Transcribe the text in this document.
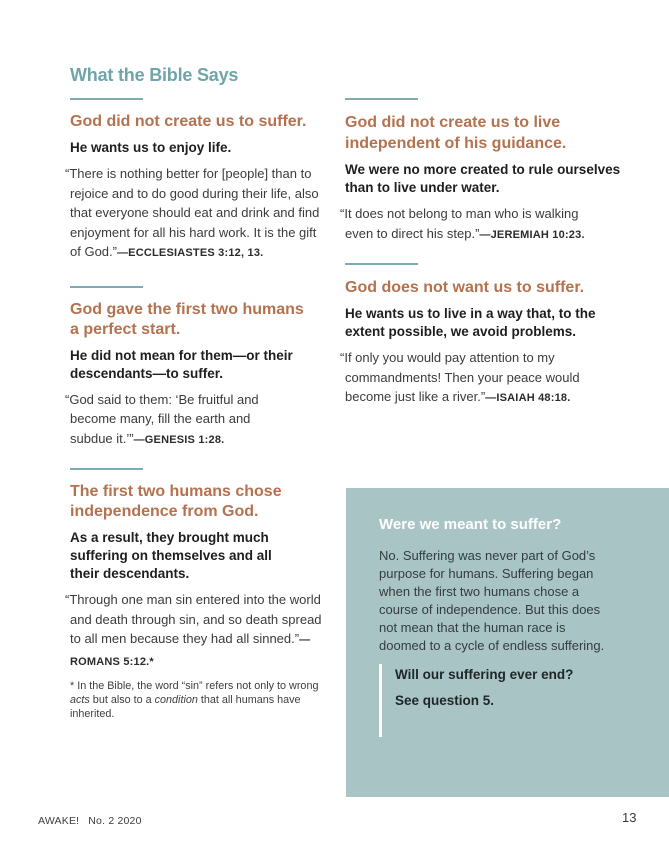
What the Bible Says
God did not create us to suffer.

He wants us to enjoy life.

“There is nothing better for [people] than to rejoice and to do good during their life, also that everyone should eat and drink and find enjoyment for all his hard work. It is the gift of God.”—ECCLESIASTES 3:12, 13.

God gave the first two humans a perfect start.

He did not mean for them—or their descendants—to suffer.

“God said to them: ‘Be fruitful and become many, fill the earth and subdue it.’”—GENESIS 1:28.

The first two humans chose independence from God.

As a result, they brought much suffering on themselves and all their descendants.

“Through one man sin entered into the world and death through sin, and so death spread to all men because they had all sinned.”—ROMANS 5:12.*

* In the Bible, the word “sin” refers not only to wrong acts but also to a condition that all humans have inherited.

God did not create us to live independent of his guidance.

We were no more created to rule ourselves than to live under water.

“It does not belong to man who is walking even to direct his step.”—JEREMIAH 10:23.

God does not want us to suffer.

He wants us to live in a way that, to the extent possible, we avoid problems.

“If only you would pay attention to my commandments! Then your peace would become just like a river.”—ISAIAH 48:18.

Were we meant to suffer?

No. Suffering was never part of God’s purpose for humans. Suffering began when the first two humans chose a course of independence. But this does not mean that the human race is doomed to a cycle of endless suffering.

Will our suffering ever end?

See question 5.

AWAKE! No. 2 2020	13
